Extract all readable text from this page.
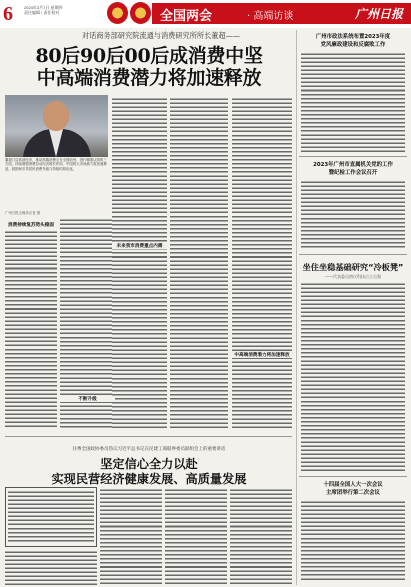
6	2024年3月7日 星期四
责任编辑 / 责任校对	全国两会	· 高端访谈	广州日报
对话商务部研究院流通与消费研究所所长董超——
80后90后00后成消费中坚
中高端消费潜力将加速释放
董超门店高消经济，推动高端消费走在全国前列，进行精准认知的三方面，持续增强消费拉动经济增长作用，中国的大市场潜力将加速释放，鼓励和引导居民消费升级与持续结构优化。
广州日报全媒体记者 摄
消费持续复苏势头稳固
未来我市消费重点内需
中高端消费潜力将加速释放
不断升级
住粤全国政协委员热议习近平总书记在民建工商联界委员联组会上的重要讲话
坚定信心全力以赴
实现民营经济健康发展、高质量发展
广州市政法系统布置2023年度
党风廉政建设和反腐败工作
2023年广州市直属机关党的工作
暨纪检工作会议召开
坐住坐稳基础研究“冷板凳”
——代表委员热议科技自立自强
十四届全国人大一次会议
主席团举行第二次会议
